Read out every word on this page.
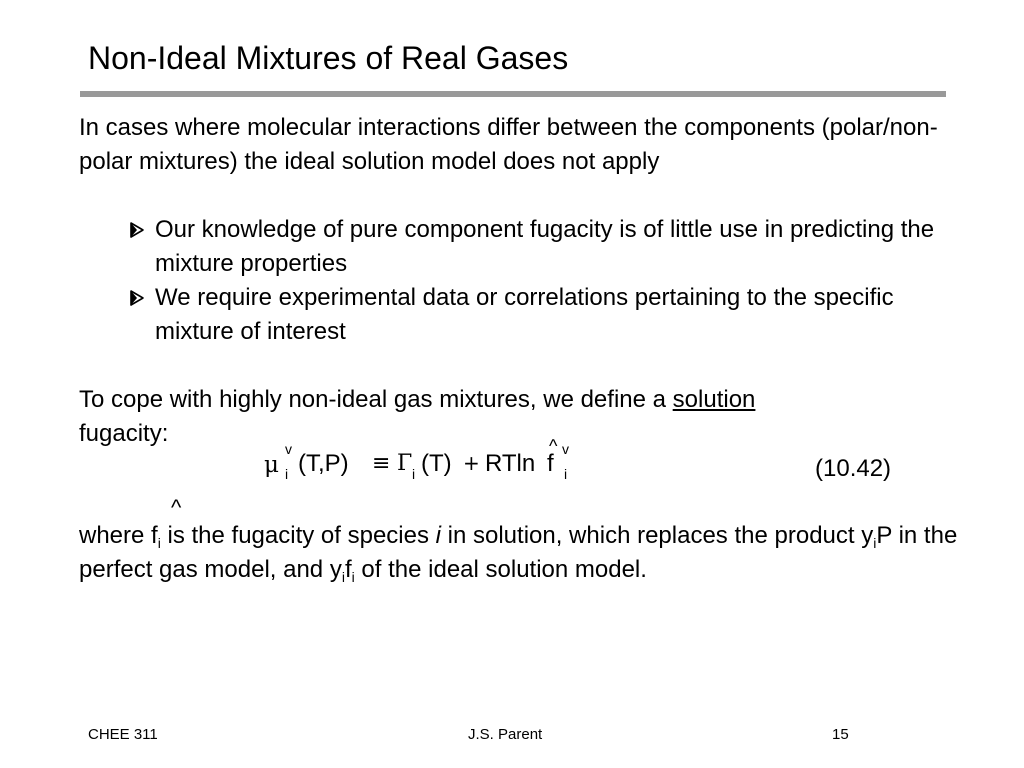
Non-Ideal Mixtures of Real Gases
In cases where molecular interactions differ between the components (polar/non-polar mixtures) the ideal solution model does not apply
Our knowledge of pure component fugacity is of little use in predicting the mixture properties
We require experimental data or correlations pertaining to the specific mixture of interest
To cope with highly non-ideal gas mixtures, we define a solution
fugacity:
μ
v
i (T,P) ≡ Γ i (T) + RTln f
^ v
i	(10.42)
^
where $f_i$ is the fugacity of species i in solution, which replaces the product $y_iP$ in the perfect gas model, and $y_if_i$ of the ideal solution model.
CHEE 311	J.S. Parent	15
